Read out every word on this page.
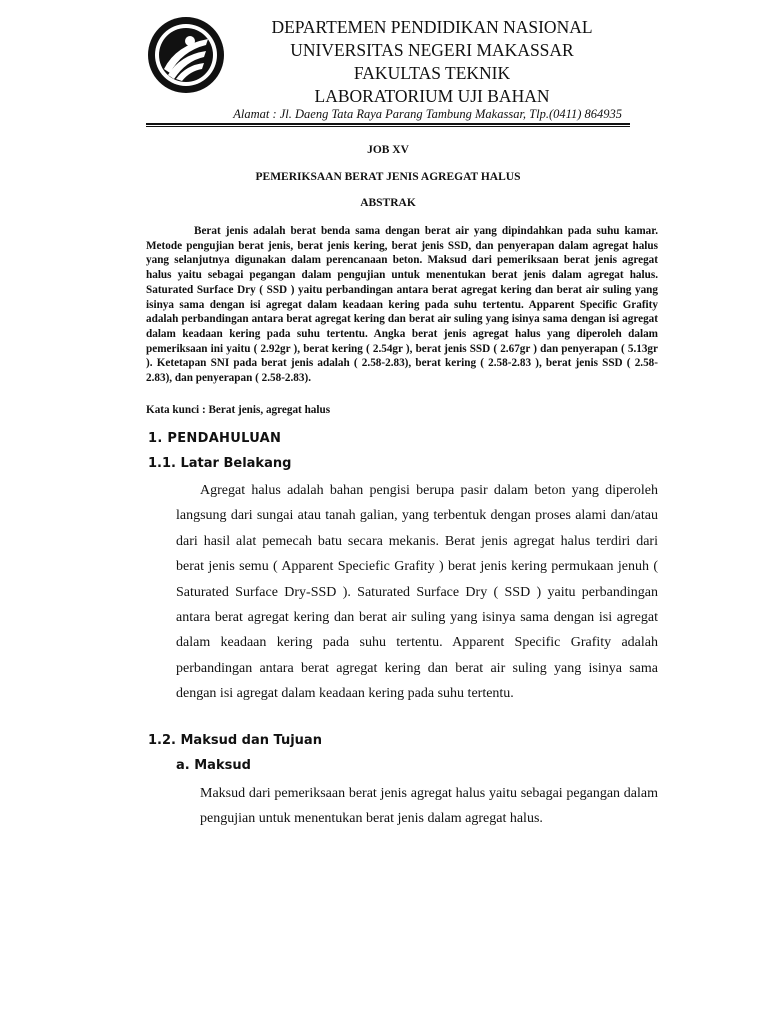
DEPARTEMEN PENDIDIKAN NASIONAL
UNIVERSITAS NEGERI MAKASSAR
FAKULTAS TEKNIK
LABORATORIUM UJI BAHAN
Alamat : Jl. Daeng Tata Raya Parang Tambung Makassar, Tlp.(0411) 864935
JOB XV
PEMERIKSAAN BERAT JENIS AGREGAT HALUS
ABSTRAK

Berat jenis adalah berat benda sama dengan berat air yang dipindahkan pada suhu kamar. Metode pengujian berat jenis, berat jenis kering, berat jenis SSD, dan penyerapan dalam agregat halus yang selanjutnya digunakan dalam perencanaan beton. Maksud dari pemeriksaan berat jenis agregat halus yaitu sebagai pegangan dalam pengujian untuk menentukan berat jenis dalam agregat halus. Saturated Surface Dry ( SSD ) yaitu perbandingan antara berat agregat kering dan berat air suling yang isinya sama dengan isi agregat dalam keadaan kering pada suhu tertentu. Apparent Specific Grafity adalah perbandingan antara berat agregat kering dan berat air suling yang isinya sama dengan isi agregat dalam keadaan kering pada suhu tertentu. Angka berat jenis agregat halus yang diperoleh dalam pemeriksaan ini yaitu ( 2.92gr ), berat kering ( 2.54gr ), berat jenis SSD ( 2.67gr ) dan penyerapan ( 5.13gr ). Ketetapan SNI pada berat jenis adalah ( 2.58-2.83), berat kering ( 2.58-2.83 ), berat jenis SSD ( 2.58-2.83), dan penyerapan ( 2.58-2.83).

Kata kunci : Berat jenis, agregat halus
1. PENDAHULUAN
1.1. Latar Belakang

Agregat halus adalah bahan pengisi berupa pasir dalam beton yang diperoleh langsung dari sungai atau tanah galian, yang terbentuk dengan proses alami dan/atau dari hasil alat pemecah batu secara mekanis. Berat jenis agregat halus terdiri dari berat jenis semu ( Apparent Speciefic Grafity ) berat jenis kering permukaan jenuh ( Saturated Surface Dry-SSD ). Saturated Surface Dry ( SSD ) yaitu perbandingan antara berat agregat kering dan berat air suling yang isinya sama dengan isi agregat dalam keadaan kering pada suhu tertentu. Apparent Specific Grafity adalah perbandingan antara berat agregat kering dan berat air suling yang isinya sama dengan isi agregat dalam keadaan kering pada suhu tertentu.

1.2. Maksud dan Tujuan
a. Maksud

Maksud dari pemeriksaan berat jenis agregat halus yaitu sebagai pegangan dalam pengujian untuk menentukan berat jenis dalam agregat halus.
